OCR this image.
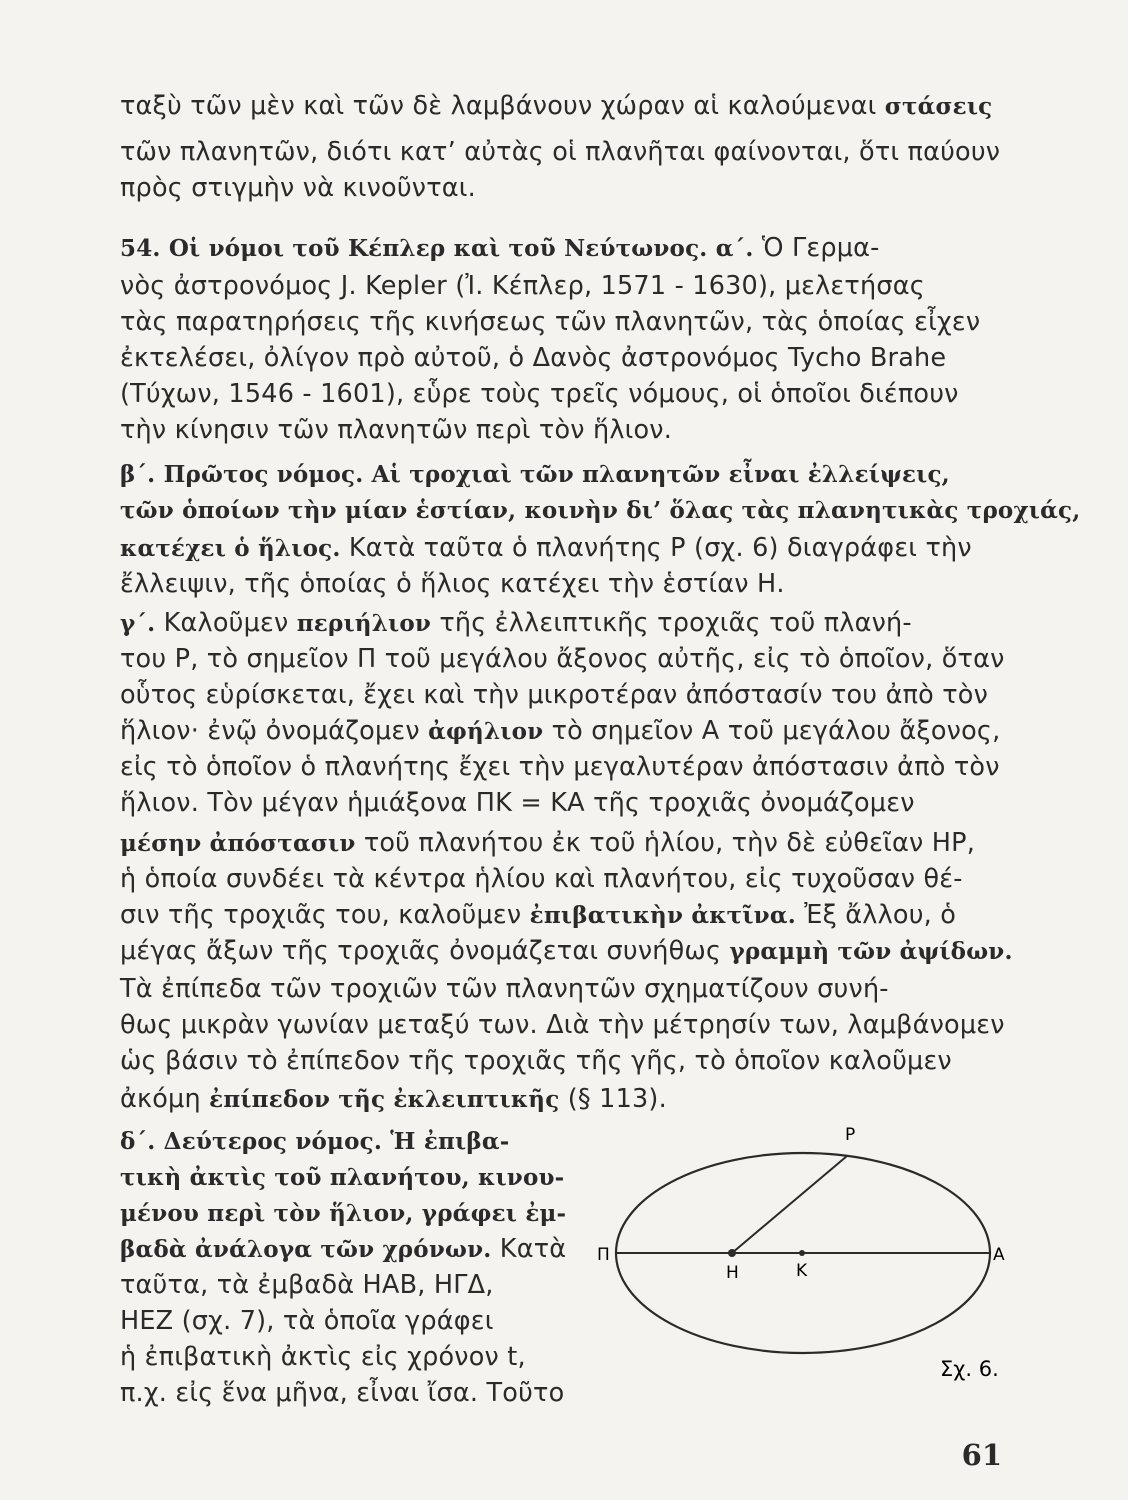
ταξὺ τῶν μὲν καὶ τῶν δὲ λαμβάνουν χώραν αἱ καλούμεναι στάσεις
τῶν πλανητῶν, διότι κατ’ αὐτὰς οἱ πλανῆται φαίνονται, ὅτι παύουν
πρὸς στιγμὴν νὰ κινοῦνται.
54. Οἱ νόμοι τοῦ Κέπλερ καὶ τοῦ Νεύτωνος. α΄. Ὁ Γερμα-
νὸς ἀστρονόμος J. Kepler (Ἰ. Κέπλερ, 1571 - 1630), μελετήσας
τὰς παρατηρήσεις τῆς κινήσεως τῶν πλανητῶν, τὰς ὁποίας εἶχεν
ἐκτελέσει, ὀλίγον πρὸ αὐτοῦ, ὁ Δανὸς ἀστρονόμος Tycho Brahe
(Τύχων, 1546 - 1601), εὗρε τοὺς τρεῖς νόμους, οἱ ὁποῖοι διέπουν
τὴν κίνησιν τῶν πλανητῶν περὶ τὸν ἥλιον.
β΄. Πρῶτος νόμος. Αἱ τροχιαὶ τῶν πλανητῶν εἶναι ἐλλείψεις,
τῶν ὁποίων τὴν μίαν ἑστίαν, κοινὴν δι’ ὅλας τὰς πλανητικὰς τροχιάς,
κατέχει ὁ ἥλιος. Κατὰ ταῦτα ὁ πλανήτης Ρ (σχ. 6) διαγράφει τὴν
ἔλλειψιν, τῆς ὁποίας ὁ ἥλιος κατέχει τὴν ἑστίαν Η.
γ΄. Καλοῦμεν περιήλιον τῆς ἐλλειπτικῆς τροχιᾶς τοῦ πλανή-
του Ρ, τὸ σημεῖον Π τοῦ μεγάλου ἄξονος αὐτῆς, εἰς τὸ ὁποῖον, ὅταν
οὗτος εὑρίσκεται, ἔχει καὶ τὴν μικροτέραν ἀπόστασίν του ἀπὸ τὸν
ἥλιον· ἐνῷ ὀνομάζομεν ἀφήλιον τὸ σημεῖον Α τοῦ μεγάλου ἄξονος,
εἰς τὸ ὁποῖον ὁ πλανήτης ἔχει τὴν μεγαλυτέραν ἀπόστασιν ἀπὸ τὸν
ἥλιον. Τὸν μέγαν ἡμιάξονα ΠΚ = ΚΑ τῆς τροχιᾶς ὀνομάζομεν
μέσην ἀπόστασιν τοῦ πλανήτου ἐκ τοῦ ἡλίου, τὴν δὲ εὐθεῖαν ΗΡ,
ἡ ὁποία συνδέει τὰ κέντρα ἡλίου καὶ πλανήτου, εἰς τυχοῦσαν θέ-
σιν τῆς τροχιᾶς του, καλοῦμεν ἐπιβατικὴν ἀκτῖνα. Ἐξ ἄλλου, ὁ
μέγας ἄξων τῆς τροχιᾶς ὀνομάζεται συνήθως γραμμὴ τῶν ἀψίδων.
Τὰ ἐπίπεδα τῶν τροχιῶν τῶν πλανητῶν σχηματίζουν συνή-
θως μικρὰν γωνίαν μεταξύ των. Διὰ τὴν μέτρησίν των, λαμβάνομεν
ὡς βάσιν τὸ ἐπίπεδον τῆς τροχιᾶς τῆς γῆς, τὸ ὁποῖον καλοῦμεν
ἀκόμη ἐπίπεδον τῆς ἐκλειπτικῆς (§ 113).
δ΄. Δεύτερος νόμος. Ἡ ἐπιβα-
τικὴ ἀκτὶς τοῦ πλανήτου, κινου-
μένου περὶ τὸν ἥλιον, γράφει ἐμ-
βαδὰ ἀνάλογα τῶν χρόνων. Κατὰ
ταῦτα, τὰ ἐμβαδὰ ΗΑΒ, ΗΓΔ,
ΗΕΖ (σχ. 7), τὰ ὁποῖα γράφει
ἡ ἐπιβατικὴ ἀκτὶς εἰς χρόνον t,
π.χ. εἰς ἕνα μῆνα, εἶναι ἴσα. Τοῦτο
P
Π	A
H	K
Σχ. 6.
61
